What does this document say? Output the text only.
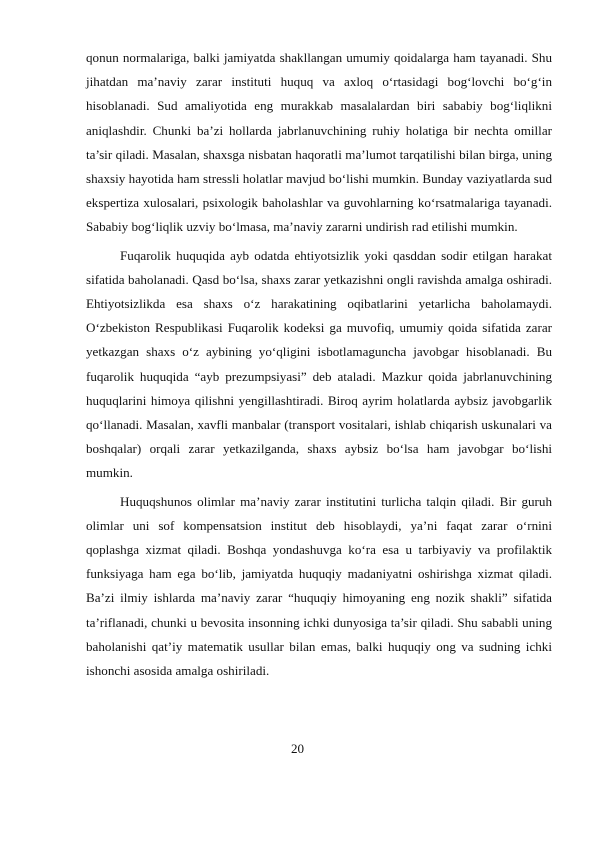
qonun normalariga, balki jamiyatda shakllangan umumiy qoidalarga ham tayanadi. Shu jihatdan ma’naviy zarar instituti huquq va axloq o‘rtasidagi bog‘lovchi bo‘g‘in hisoblanadi. Sud amaliyotida eng murakkab masalalardan biri sababiy bog‘liqlikni aniqlashdir. Chunki ba’zi hollarda jabrlanuvchining ruhiy holatiga bir nechta omillar ta’sir qiladi. Masalan, shaxsga nisbatan haqoratli ma’lumot tarqatilishi bilan birga, uning shaxsiy hayotida ham stressli holatlar mavjud bo‘lishi mumkin. Bunday vaziyatlarda sud ekspertiza xulosalari, psixologik baholashlar va guvohlarning ko‘rsatmalariga tayanadi. Sababiy bog‘liqlik uzviy bo‘lmasa, ma’naviy zararni undirish rad etilishi mumkin.

Fuqarolik huquqida ayb odatda ehtiyotsizlik yoki qasddan sodir etilgan harakat sifatida baholanadi. Qasd bo‘lsa, shaxs zarar yetkazishni ongli ravishda amalga oshiradi. Ehtiyotsizlikda esa shaxs o‘z harakatining oqibatlarini yetarlicha baholamaydi. O‘zbekiston Respublikasi Fuqarolik kodeksi ga muvofiq, umumiy qoida sifatida zarar yetkazgan shaxs o‘z aybining yo‘qligini isbotlamaguncha javobgar hisoblanadi. Bu fuqarolik huquqida “ayb prezumpsiyasi” deb ataladi. Mazkur qoida jabrlanuvchining huquqlarini himoya qilishni yengillashtiradi. Biroq ayrim holatlarda aybsiz javobgarlik qo‘llanadi. Masalan, xavfli manbalar (transport vositalari, ishlab chiqarish uskunalari va boshqalar) orqali zarar yetkazilganda, shaxs aybsiz bo‘lsa ham javobgar bo‘lishi mumkin.

Huquqshunos olimlar ma’naviy zarar institutini turlicha talqin qiladi. Bir guruh olimlar uni sof kompensatsion institut deb hisoblaydi, ya’ni faqat zarar o‘rnini qoplashga xizmat qiladi. Boshqa yondashuvga ko‘ra esa u tarbiyaviy va profilaktik funksiyaga ham ega bo‘lib, jamiyatda huquqiy madaniyatni oshirishga xizmat qiladi. Ba’zi ilmiy ishlarda ma’naviy zarar “huquqiy himoyaning eng nozik shakli” sifatida ta’riflanadi, chunki u bevosita insonning ichki dunyosiga ta’sir qiladi. Shu sababli uning baholanishi qat’iy matematik usullar bilan emas, balki huquqiy ong va sudning ichki ishonchi asosida amalga oshiriladi.

20
